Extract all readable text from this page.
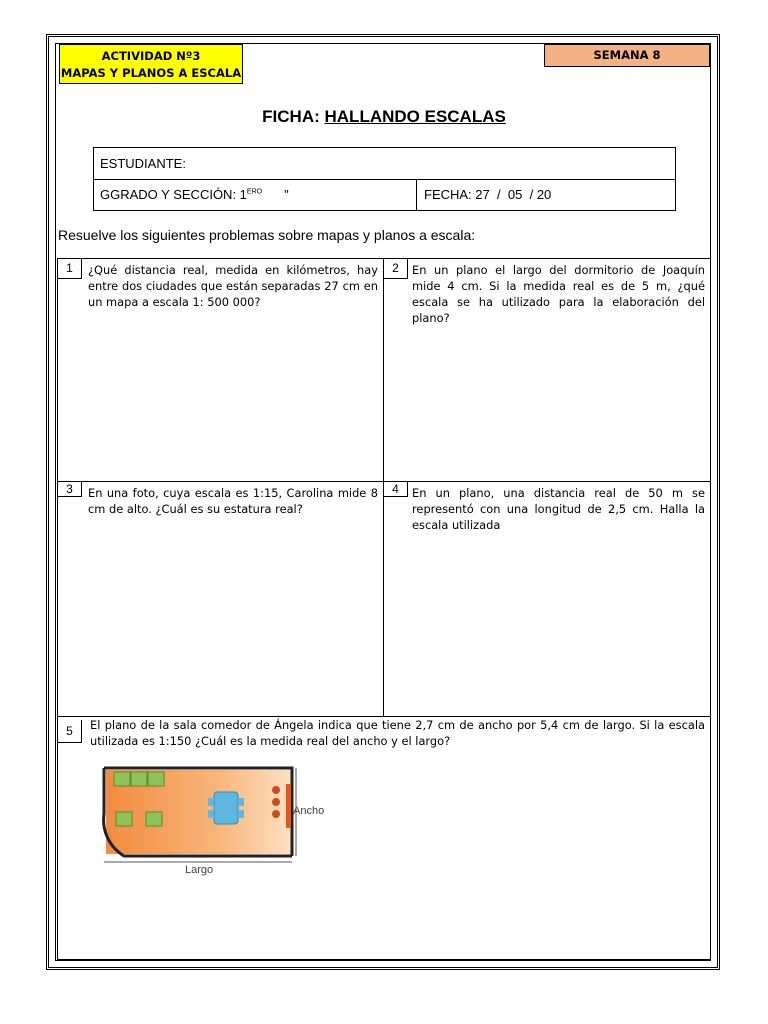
ACTIVIDAD Nº3
MAPAS Y PLANOS A ESCALA
SEMANA 8
FICHA: HALLANDO ESCALAS
ESTUDIANTE:
GGRADO Y SECCIÓN: $1^{ERO}$ "	FECHA: 27 / 05 / 20
Resuelve los siguientes problemas sobre mapas y planos a escala:
1	¿Qué distancia real, medida en kilómetros, hay entre dos ciudades que están separadas 27 cm en un mapa a escala 1: 500 000?
2	En un plano el largo del dormitorio de Joaquín mide 4 cm. Si la medida real es de 5 m, ¿qué escala se ha utilizado para la elaboración del plano?
3	En una foto, cuya escala es 1:15, Carolina mide 8 cm de alto. ¿Cuál es su estatura real?
4	En un plano, una distancia real de 50 m se representó con una longitud de 2,5 cm. Halla la escala utilizada
5	El plano de la sala comedor de Ángela indica que tiene 2,7 cm de ancho por 5,4 cm de largo. Si la escala utilizada es 1:150 ¿Cuál es la medida real del ancho y el largo?
Ancho
Largo
